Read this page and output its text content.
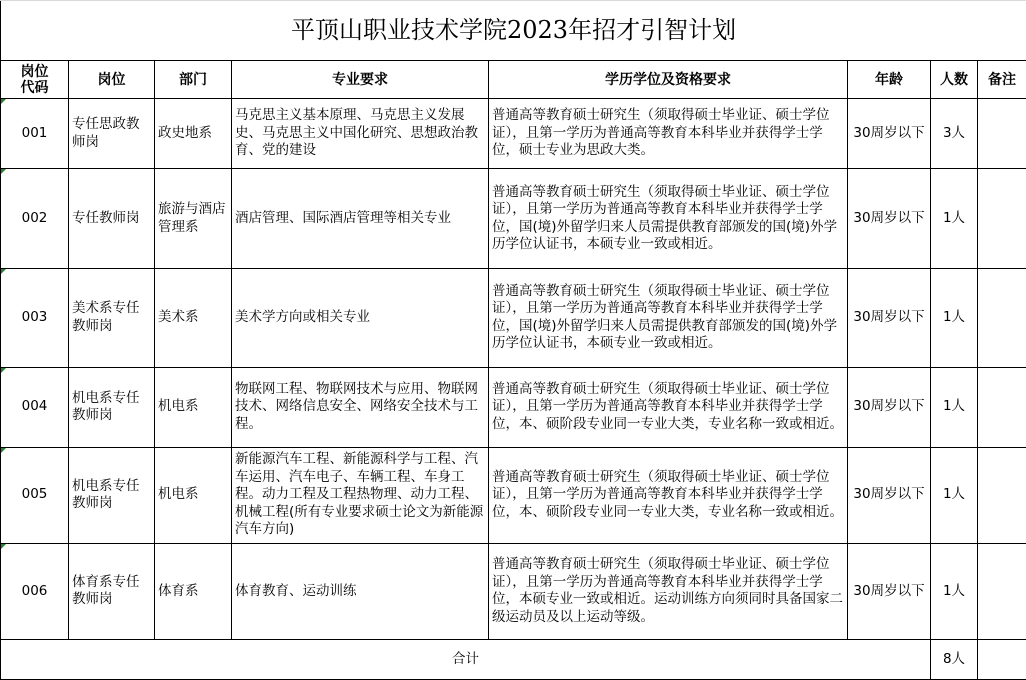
平顶山职业技术学院2023年招才引智计划							
岗位
代码	岗位	部门	专业要求	学历学位及资格要求	年龄	人数	备注

001	专任思政教师岗	政史地系	马克思主义基本原理、马克思主义发展史、马克思主义中国化研究、思想政治教育、党的建设	普通高等教育硕士研究生（须取得硕士毕业证、硕士学位证），且第一学历为普通高等教育本科毕业并获得学士学位，硕士专业为思政大类。	30周岁以下	3人	

002	专任教师岗	旅游与酒店管理系	酒店管理、国际酒店管理等相关专业	普通高等教育硕士研究生（须取得硕士毕业证、硕士学位证），且第一学历为普通高等教育本科毕业并获得学士学位，国(境)外留学归来人员需提供教育部颁发的国(境)外学历学位认证书，本硕专业一致或相近。	30周岁以下	1人	

003	美术系专任教师岗	美术系	美术学方向或相关专业	普通高等教育硕士研究生（须取得硕士毕业证、硕士学位证），且第一学历为普通高等教育本科毕业并获得学士学位，国(境)外留学归来人员需提供教育部颁发的国(境)外学历学位认证书，本硕专业一致或相近。	30周岁以下	1人	

004	机电系专任教师岗	机电系	物联网工程、物联网技术与应用、物联网技术、网络信息安全、网络安全技术与工程。	普通高等教育硕士研究生（须取得硕士毕业证、硕士学位证），且第一学历为普通高等教育本科毕业并获得学士学位，本、硕阶段专业同一专业大类，专业名称一致或相近。	30周岁以下	1人	

005	机电系专任教师岗	机电系	新能源汽车工程、新能源科学与工程、汽车运用、汽车电子、车辆工程、车身工程。动力工程及工程热物理、动力工程、机械工程(所有专业要求硕士论文为新能源汽车方向)	普通高等教育硕士研究生（须取得硕士毕业证、硕士学位证），且第一学历为普通高等教育本科毕业并获得学士学位，本、硕阶段专业同一专业大类，专业名称一致或相近。	30周岁以下	1人	

006	体育系专任教师岗	体育系	体育教育、运动训练	普通高等教育硕士研究生（须取得硕士毕业证、硕士学位证），且第一学历为普通高等教育本科毕业并获得学士学位，本硕专业一致或相近。运动训练方向须同时具备国家二级运动员及以上运动等级。	30周岁以下	1人	
合计						8人	
